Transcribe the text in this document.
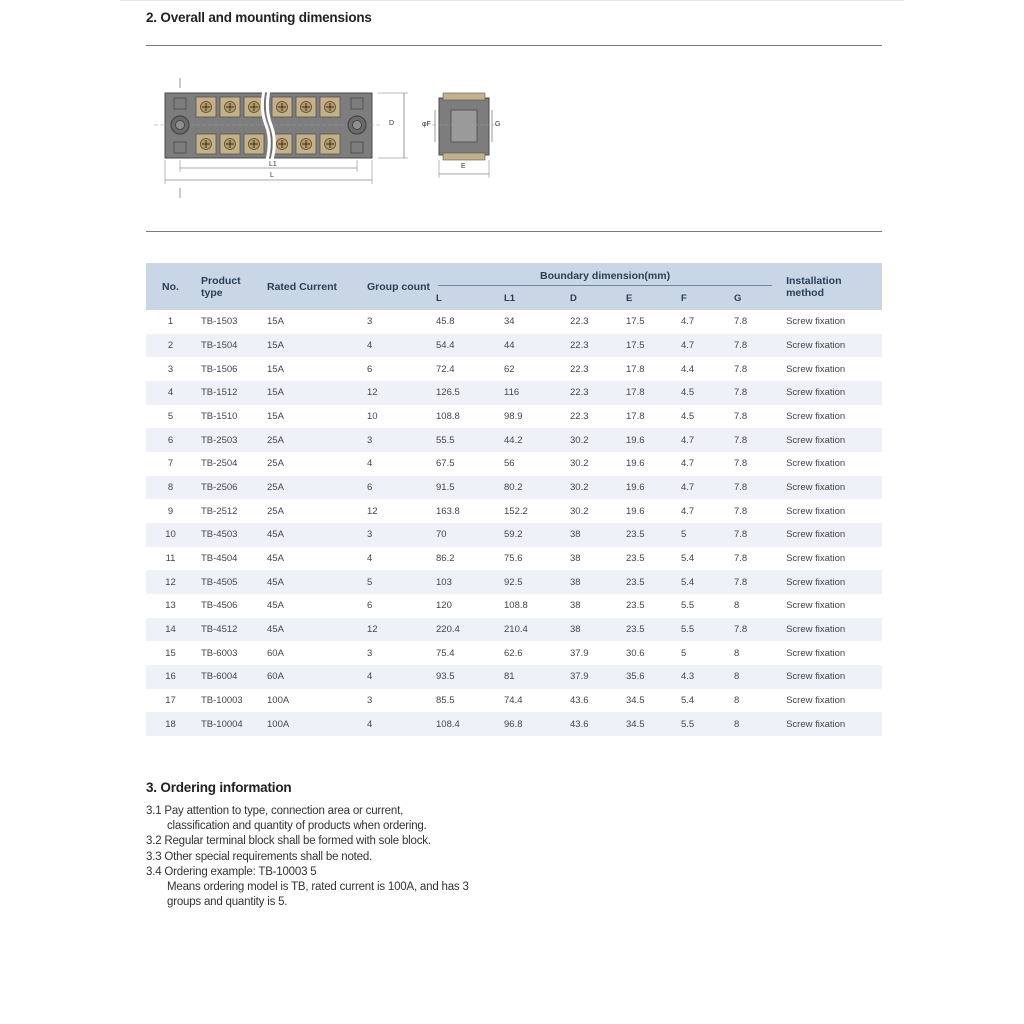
2. Overall and mounting dimensions
D
L1
L
φF	G
E
No.	Product type	Rated Current	Group count	Boundary dimension(mm)						Installation method
				L	L1	D	E	F	G	
1	TB-1503	15A	3	45.8	34	22.3	17.5	4.7	7.8	Screw fixation
2	TB-1504	15A	4	54.4	44	22.3	17.5	4.7	7.8	Screw fixation
3	TB-1506	15A	6	72.4	62	22.3	17.8	4.4	7.8	Screw fixation
4	TB-1512	15A	12	126.5	116	22.3	17.8	4.5	7.8	Screw fixation
5	TB-1510	15A	10	108.8	98.9	22.3	17.8	4.5	7.8	Screw fixation
6	TB-2503	25A	3	55.5	44.2	30.2	19.6	4.7	7.8	Screw fixation
7	TB-2504	25A	4	67.5	56	30.2	19.6	4.7	7.8	Screw fixation
8	TB-2506	25A	6	91.5	80.2	30.2	19.6	4.7	7.8	Screw fixation
9	TB-2512	25A	12	163.8	152.2	30.2	19.6	4.7	7.8	Screw fixation
10	TB-4503	45A	3	70	59.2	38	23.5	5	7.8	Screw fixation
11	TB-4504	45A	4	86.2	75.6	38	23.5	5.4	7.8	Screw fixation
12	TB-4505	45A	5	103	92.5	38	23.5	5.4	7.8	Screw fixation
13	TB-4506	45A	6	120	108.8	38	23.5	5.5	8	Screw fixation
14	TB-4512	45A	12	220.4	210.4	38	23.5	5.5	7.8	Screw fixation
15	TB-6003	60A	3	75.4	62.6	37.9	30.6	5	8	Screw fixation
16	TB-6004	60A	4	93.5	81	37.9	35.6	4.3	8	Screw fixation
17	TB-10003	100A	3	85.5	74.4	43.6	34.5	5.4	8	Screw fixation
18	TB-10004	100A	4	108.4	96.8	43.6	34.5	5.5	8	Screw fixation
3. Ordering information
3.1 Pay attention to type, connection area or current,
classification and quantity of products when ordering.
3.2 Regular terminal block shall be formed with sole block.
3.3 Other special requirements shall be noted.
3.4 Ordering example: TB-10003 5
Means ordering model is TB, rated current is 100A, and has 3
groups and quantity is 5.
